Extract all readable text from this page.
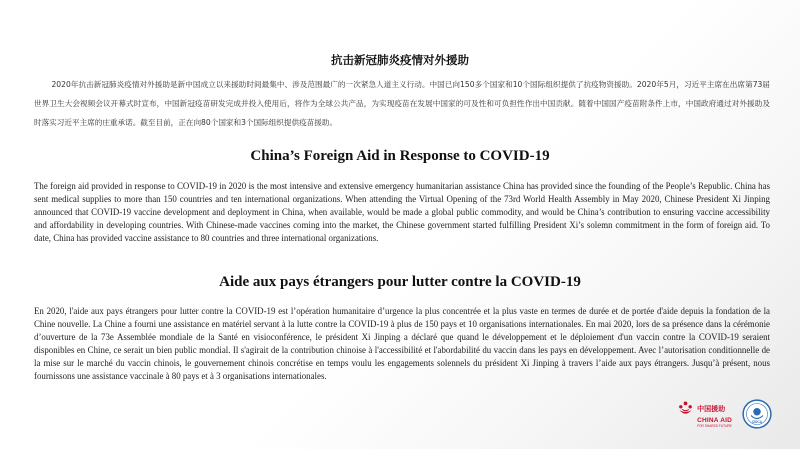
抗击新冠肺炎疫情对外援助

2020年抗击新冠肺炎疫情对外援助是新中国成立以来援助时间最集中、涉及范围最广的一次紧急人道主义行动。中国已向150多个国家和10个国际组织提供了抗疫物资援助。2020年5月，习近平主席在出席第73届世界卫生大会视频会议开幕式时宣布，中国新冠疫苗研发完成并投入使用后，将作为全球公共产品，为实现疫苗在发展中国家的可及性和可负担性作出中国贡献。随着中国国产疫苗附条件上市，中国政府通过对外援助及时落实习近平主席的庄重承诺。截至目前，正在向80个国家和3个国际组织提供疫苗援助。

China’s Foreign Aid in Response to COVID-19

The foreign aid provided in response to COVID-19 in 2020 is the most intensive and extensive emergency humanitarian assistance China has provided since the founding of the People’s Republic. China has sent medical supplies to more than 150 countries and ten international organizations. When attending the Virtual Opening of the 73rd World Health Assembly in May 2020, Chinese President Xi Jinping announced that COVID-19 vaccine development and deployment in China, when available, would be made a global public commodity, and would be China’s contribution to ensuring vaccine accessibility and affordability in developing countries. With Chinese-made vaccines coming into the market, the Chinese government started fulfilling President Xi’s solemn commitment in the form of foreign aid. To date, China has provided vaccine assistance to 80 countries and three international organizations.

Aide aux pays étrangers pour lutter contre la COVID-19

En 2020, l'aide aux pays étrangers pour lutter contre la COVID-19 est l’opération humanitaire d’urgence la plus concentrée et la plus vaste en termes de durée et de portée d'aide depuis la fondation de la Chine nouvelle. La Chine a fourni une assistance en matériel servant à la lutte contre la COVID-19 à plus de 150 pays et 10 organisations internationales. En mai 2020, lors de sa présence dans la cérémonie d’ouverture de la 73e Assemblée mondiale de la Santé en visioconférence, le président Xi Jinping a déclaré que quand le développement et le déploiement d'un vaccin contre la COVID-19 seraient disponibles en Chine, ce serait un bien public mondial. Il s'agirait de la contribution chinoise à l'accessibilité et l'abordabilité du vaccin dans les pays en développement. Avec l’autorisation conditionnelle de la mise sur le marché du vaccin chinois, le gouvernement chinois concrétise en temps voulu les engagements solennels du président Xi Jinping à travers l’aide aux pays étrangers. Jusqu’à présent, nous fournissons une assistance vaccinale à 80 pays et à 3 organisations internationales.

中国援助
CHINA AID
FOR SHARED FUTURE
CIDCA
